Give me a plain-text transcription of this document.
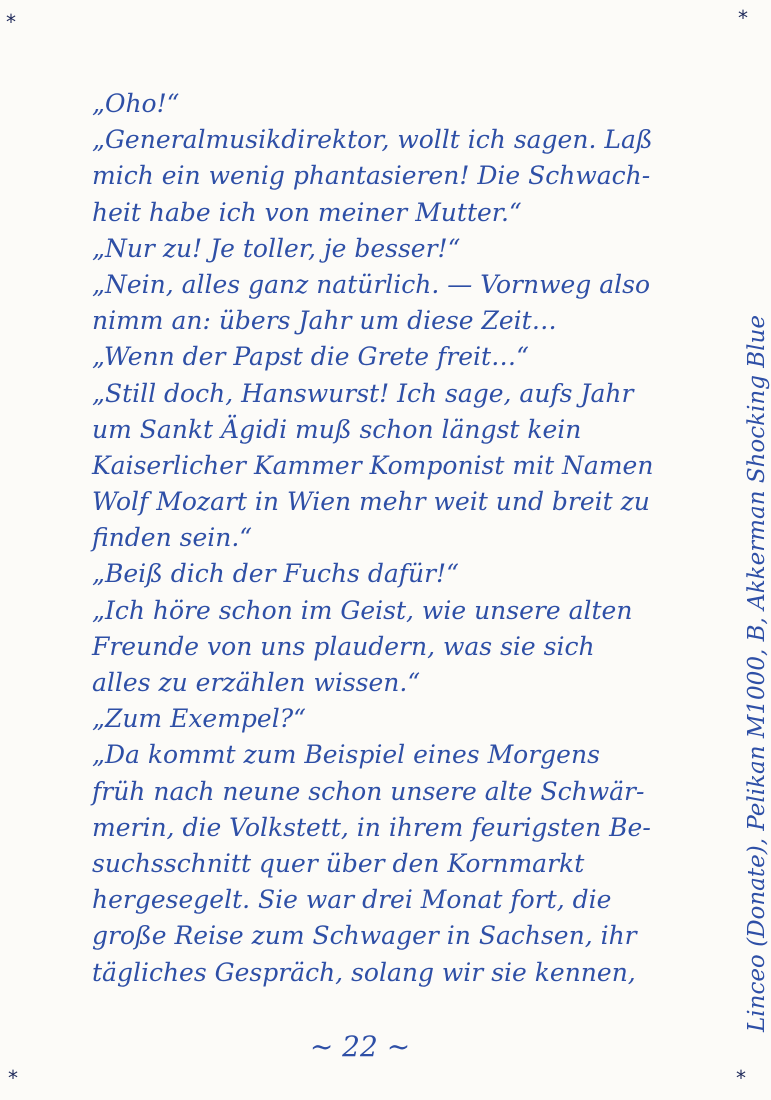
*	*
*	*
„Oho!“
„Generalmusikdirektor, wollt ich sagen. Laß
mich ein wenig phantasieren! Die Schwach-
heit habe ich von meiner Mutter.“
„Nur zu! Je toller, je besser!“
„Nein, alles ganz natürlich. — Vornweg also
nimm an: übers Jahr um diese Zeit…
„Wenn der Papst die Grete freit…“
„Still doch, Hanswurst! Ich sage, aufs Jahr
um Sankt Ägidi muß schon längst kein
Kaiserlicher Kammer Komponist mit Namen
Wolf Mozart in Wien mehr weit und breit zu
finden sein.“
„Beiß dich der Fuchs dafür!“
„Ich höre schon im Geist, wie unsere alten
Freunde von uns plaudern, was sie sich
alles zu erzählen wissen.“
„Zum Exempel?“
„Da kommt zum Beispiel eines Morgens
früh nach neune schon unsere alte Schwär-
merin, die Volkstett, in ihrem feurigsten Be-
suchsschnitt quer über den Kornmarkt
hergesegelt. Sie war drei Monat fort, die
große Reise zum Schwager in Sachsen, ihr
tägliches Gespräch, solang wir sie kennen,
~ 22 ~
Linceo (Donate), Pelikan M1000, B, Akkerman Shocking Blue
